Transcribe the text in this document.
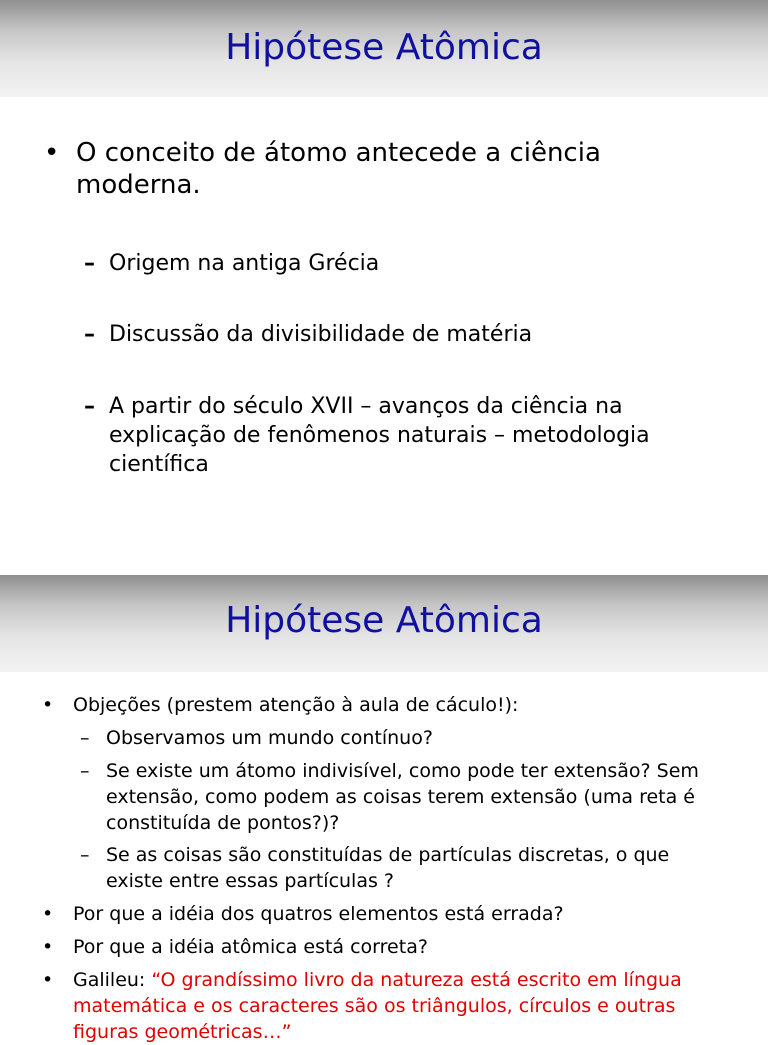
Hipótese Atômica
• O conceito de átomo antecede a ciência moderna.
– Origem na antiga Grécia
– Discussão da divisibilidade de matéria
– A partir do século XVII – avanços da ciência na explicação de fenômenos naturais – metodologia científica
Hipótese Atômica
• Objeções (prestem atenção à aula de cáculo!):
– Observamos um mundo contínuo?
– Se existe um átomo indivisível, como pode ter extensão? Sem extensão, como podem as coisas terem extensão (uma reta é constituída de pontos?)?
– Se as coisas são constituídas de partículas discretas, o que existe entre essas partículas ?
• Por que a idéia dos quatros elementos está errada?
• Por que a idéia atômica está correta?
• Galileu: “O grandíssimo livro da natureza está escrito em língua matemática e os caracteres são os triângulos, círculos e outras figuras geométricas…”
